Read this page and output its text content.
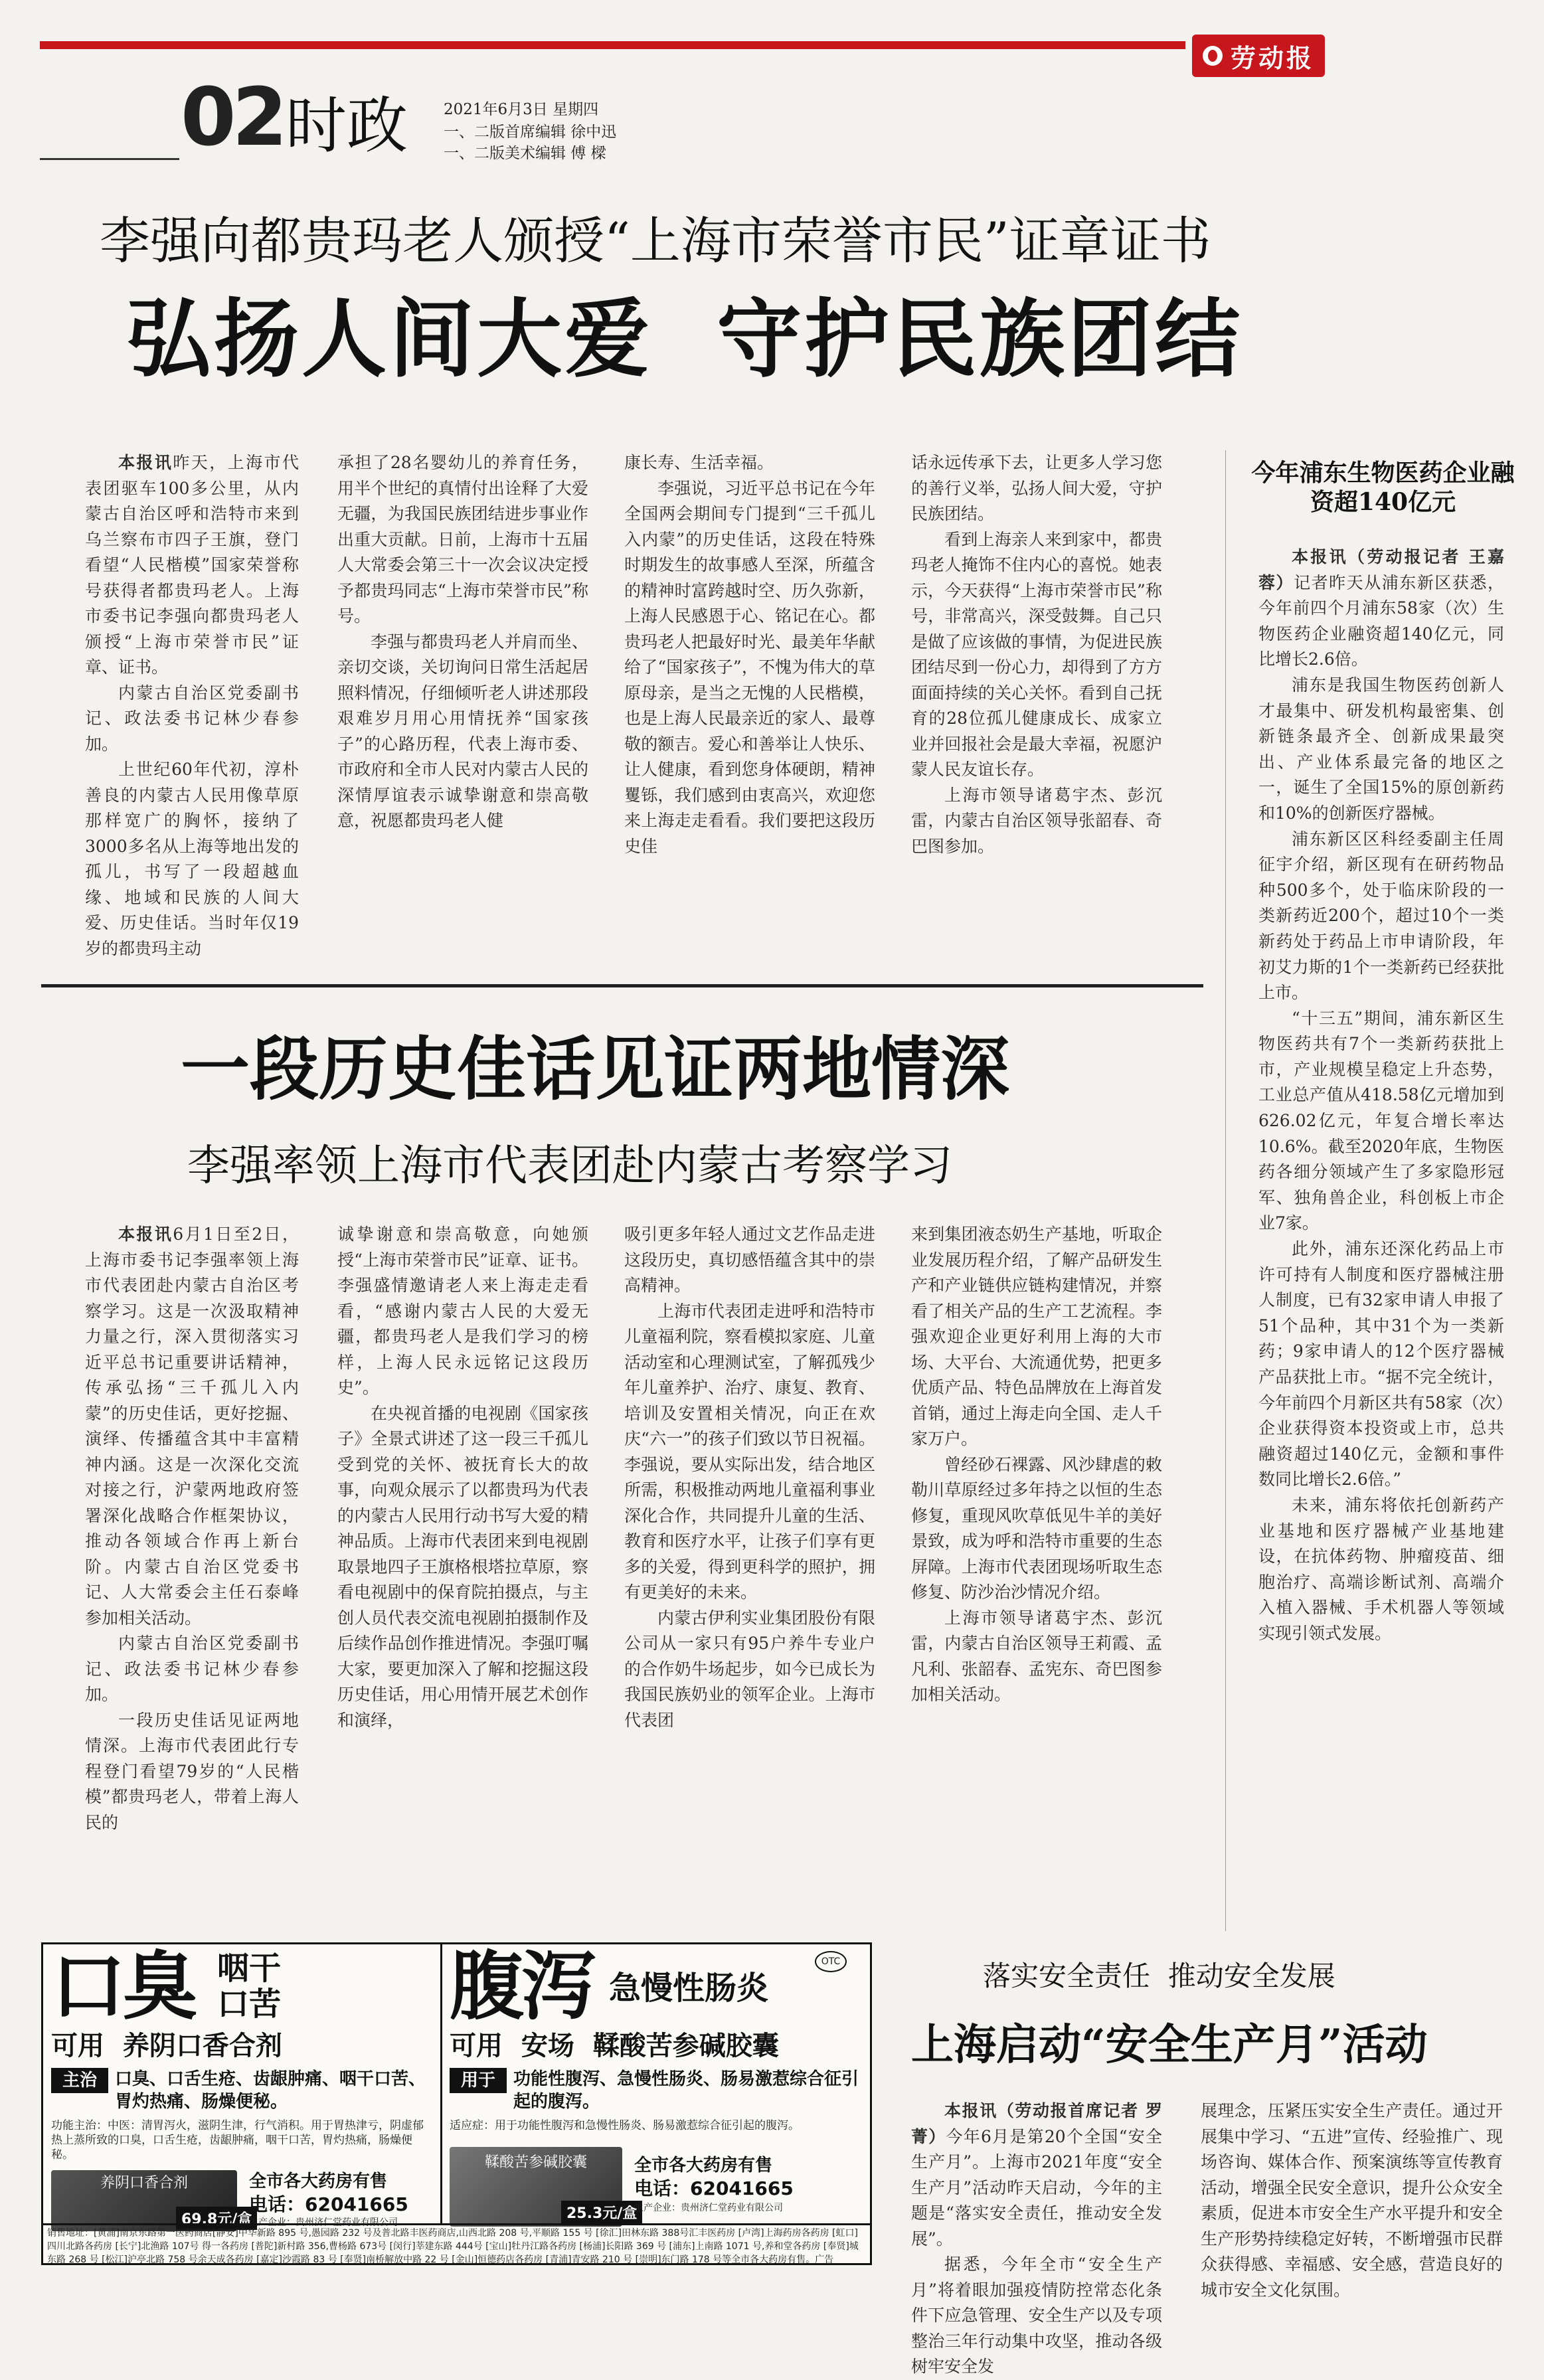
劳动报
02 时政 2021年6月3日 星期四
一、二版首席编辑 徐中迅
一、二版美术编辑 傅 樑
李强向都贵玛老人颁授“上海市荣誉市民”证章证书
弘扬人间大爱  守护民族团结

本报讯昨天，上海市代表团驱车100多公里，从内蒙古自治区呼和浩特市来到乌兰察布市四子王旗，登门看望“人民楷模”国家荣誉称号获得者都贵玛老人。上海市委书记李强向都贵玛老人颁授“上海市荣誉市民”证章、证书。

内蒙古自治区党委副书记、政法委书记林少春参加。

上世纪60年代初，淳朴善良的内蒙古人民用像草原那样宽广的胸怀，接纳了3000多名从上海等地出发的孤儿，书写了一段超越血缘、地域和民族的人间大爱、历史佳话。当时年仅19岁的都贵玛主动

承担了28名婴幼儿的养育任务，用半个世纪的真情付出诠释了大爱无疆，为我国民族团结进步事业作出重大贡献。日前，上海市十五届人大常委会第三十一次会议决定授予都贵玛同志“上海市荣誉市民”称号。

李强与都贵玛老人并肩而坐、亲切交谈，关切询问日常生活起居照料情况，仔细倾听老人讲述那段艰难岁月用心用情抚养“国家孩子”的心路历程，代表上海市委、市政府和全市人民对内蒙古人民的深情厚谊表示诚挚谢意和崇高敬意，祝愿都贵玛老人健

康长寿、生活幸福。

李强说，习近平总书记在今年全国两会期间专门提到“三千孤儿入内蒙”的历史佳话，这段在特殊时期发生的故事感人至深，所蕴含的精神时富跨越时空、历久弥新，上海人民感恩于心、铭记在心。都贵玛老人把最好时光、最美年华献给了“国家孩子”，不愧为伟大的草原母亲，是当之无愧的人民楷模，也是上海人民最亲近的家人、最尊敬的额吉。爱心和善举让人快乐、让人健康，看到您身体硬朗，精神矍铄，我们感到由衷高兴，欢迎您来上海走走看看。我们要把这段历史佳

话永远传承下去，让更多人学习您的善行义举，弘扬人间大爱，守护民族团结。

看到上海亲人来到家中，都贵玛老人掩饰不住内心的喜悦。她表示，今天获得“上海市荣誉市民”称号，非常高兴，深受鼓舞。自己只是做了应该做的事情，为促进民族团结尽到一份心力，却得到了方方面面持续的关心关怀。看到自己抚育的28位孤儿健康成长、成家立业并回报社会是最大幸福，祝愿沪蒙人民友谊长存。

上海市领导诸葛宇杰、彭沉雷，内蒙古自治区领导张韶春、奇巴图参加。

今年浦东生物医药企业融资超140亿元

本报讯（劳动报记者 王嘉蓉）记者昨天从浦东新区获悉，今年前四个月浦东58家（次）生物医药企业融资超140亿元，同比增长2.6倍。

浦东是我国生物医药创新人才最集中、研发机构最密集、创新链条最齐全、创新成果最突出、产业体系最完备的地区之一，诞生了全国15%的原创新药和10%的创新医疗器械。

浦东新区区科经委副主任周征宇介绍，新区现有在研药物品种500多个，处于临床阶段的一类新药近200个，超过10个一类新药处于药品上市申请阶段，年初艾力斯的1个一类新药已经获批上市。

“十三五”期间，浦东新区生物医药共有7个一类新药获批上市，产业规模呈稳定上升态势，工业总产值从418.58亿元增加到626.02亿元，年复合增长率达10.6%。截至2020年底，生物医药各细分领域产生了多家隐形冠军、独角兽企业，科创板上市企业7家。

此外，浦东还深化药品上市许可持有人制度和医疗器械注册人制度，已有32家申请人申报了51个品种，其中31个为一类新药；9家申请人的12个医疗器械产品获批上市。“据不完全统计，今年前四个月新区共有58家（次）企业获得资本投资或上市，总共融资超过140亿元，金额和事件数同比增长2.6倍。”

未来，浦东将依托创新药产业基地和医疗器械产业基地建设，在抗体药物、肿瘤疫苗、细胞治疗、高端诊断试剂、高端介入植入器械、手术机器人等领域实现引领式发展。

一段历史佳话见证两地情深
李强率领上海市代表团赴内蒙古考察学习

本报讯6月1日至2日，上海市委书记李强率领上海市代表团赴内蒙古自治区考察学习。这是一次汲取精神力量之行，深入贯彻落实习近平总书记重要讲话精神，传承弘扬“三千孤儿入内蒙”的历史佳话，更好挖掘、演绎、传播蕴含其中丰富精神内涵。这是一次深化交流对接之行，沪蒙两地政府签署深化战略合作框架协议，推动各领域合作再上新台阶。内蒙古自治区党委书记、人大常委会主任石泰峰参加相关活动。

内蒙古自治区党委副书记、政法委书记林少春参加。

一段历史佳话见证两地情深。上海市代表团此行专程登门看望79岁的“人民楷模”都贵玛老人，带着上海人民的

诚挚谢意和崇高敬意，向她颁授“上海市荣誉市民”证章、证书。李强盛情邀请老人来上海走走看看，“感谢内蒙古人民的大爱无疆，都贵玛老人是我们学习的榜样，上海人民永远铭记这段历史”。

在央视首播的电视剧《国家孩子》全景式讲述了这一段三千孤儿受到党的关怀、被抚育长大的故事，向观众展示了以都贵玛为代表的内蒙古人民用行动书写大爱的精神品质。上海市代表团来到电视剧取景地四子王旗格根塔拉草原，察看电视剧中的保育院拍摄点，与主创人员代表交流电视剧拍摄制作及后续作品创作推进情况。李强叮嘱大家，要更加深入了解和挖掘这段历史佳话，用心用情开展艺术创作和演绎，

吸引更多年轻人通过文艺作品走进这段历史，真切感悟蕴含其中的崇高精神。

上海市代表团走进呼和浩特市儿童福利院，察看模拟家庭、儿童活动室和心理测试室，了解孤残少年儿童养护、治疗、康复、教育、培训及安置相关情况，向正在欢庆“六一”的孩子们致以节日祝福。李强说，要从实际出发，结合地区所需，积极推动两地儿童福利事业深化合作，共同提升儿童的生活、教育和医疗水平，让孩子们享有更多的关爱，得到更科学的照护，拥有更美好的未来。

内蒙古伊利实业集团股份有限公司从一家只有95户养牛专业户的合作奶牛场起步，如今已成长为我国民族奶业的领军企业。上海市代表团

来到集团液态奶生产基地，听取企业发展历程介绍，了解产品研发生产和产业链供应链构建情况，并察看了相关产品的生产工艺流程。李强欢迎企业更好利用上海的大市场、大平台、大流通优势，把更多优质产品、特色品牌放在上海首发首销，通过上海走向全国、走人千家万户。

曾经砂石裸露、风沙肆虐的敕勒川草原经过多年持之以恒的生态修复，重现风吹草低见牛羊的美好景致，成为呼和浩特市重要的生态屏障。上海市代表团现场听取生态修复、防沙治沙情况介绍。

上海市领导诸葛宇杰、彭沉雷，内蒙古自治区领导王莉霞、孟凡利、张韶春、孟宪东、奇巴图参加相关活动。

口臭 咽干
口苦
可用  养阴口香合剂
主治	口臭、口舌生疮、齿龈肿痛、咽干口苦、胃灼热痛、肠燥便秘。
功能主治：中医：清胃泻火，滋阴生津，行气消积。用于胃热津亏，阴虚郁热上蒸所致的口臭，口舌生疮，齿龈肿痛，咽干口苦，胃灼热痛，肠燥便秘。
养阴口香合剂
69.8元/盒
全市各大药房有售
电话：62041665
生产企业：贵州济仁堂药业有限公司
腹泻 急慢性肠炎
OTC
可用  安场  鞣酸苦参碱胶囊
用于	功能性腹泻、急慢性肠炎、肠易激惹综合征引起的腹泻。
适应症：用于功能性腹泻和急慢性肠炎、肠易激惹综合征引起的腹泻。
鞣酸苦参碱胶囊
25.3元/盒
全市各大药房有售
电话：62041665
生产企业：贵州济仁堂药业有限公司
销售地址：[黄浦]南京东路第一医药商店[静安]中华新路 895 号,愚园路 232 号及普北路丰医药商店,山西北路 208 号,平顺路 155 号 [徐汇]田林东路 388号汇丰医药房 [卢湾]上海药房各药房 [虹口]四川北路各药房 [长宁]北渔路 107号 得一各药房 [普陀]新村路 356,曹杨路 673号 [闵行]莘建东路 444号 [宝山]牡丹江路各药房 [杨浦]长阳路 369 号 [浦东]上南路 1071 号,养和堂各药房 [奉贤]城东路 268 号 [松江]沪亭北路 758 号余天成各药房 [嘉定]沙霞路 83 号 [奉贤]南桥解放中路 22 号 [金山]恒德药店各药房 [青浦]青安路 210 号 [崇明]东门路 178 号等全市各大药房有售。广告
落实安全责任  推动安全发展
上海启动“安全生产月”活动

本报讯（劳动报首席记者 罗菁）今年6月是第20个全国“安全生产月”。上海市2021年度“安全生产月”活动昨天启动，今年的主题是“落实安全责任，推动安全发展”。

据悉，今年全市“安全生产月”将着眼加强疫情防控常态化条件下应急管理、安全生产以及专项整治三年行动集中攻坚，推动各级树牢安全发

展理念，压紧压实安全生产责任。通过开展集中学习、“五进”宣传、经验推广、现场咨询、媒体合作、预案演练等宣传教育活动，增强全民安全意识，提升公众安全素质，促进本市安全生产水平提升和安全生产形势持续稳定好转，不断增强市民群众获得感、幸福感、安全感，营造良好的城市安全文化氛围。
